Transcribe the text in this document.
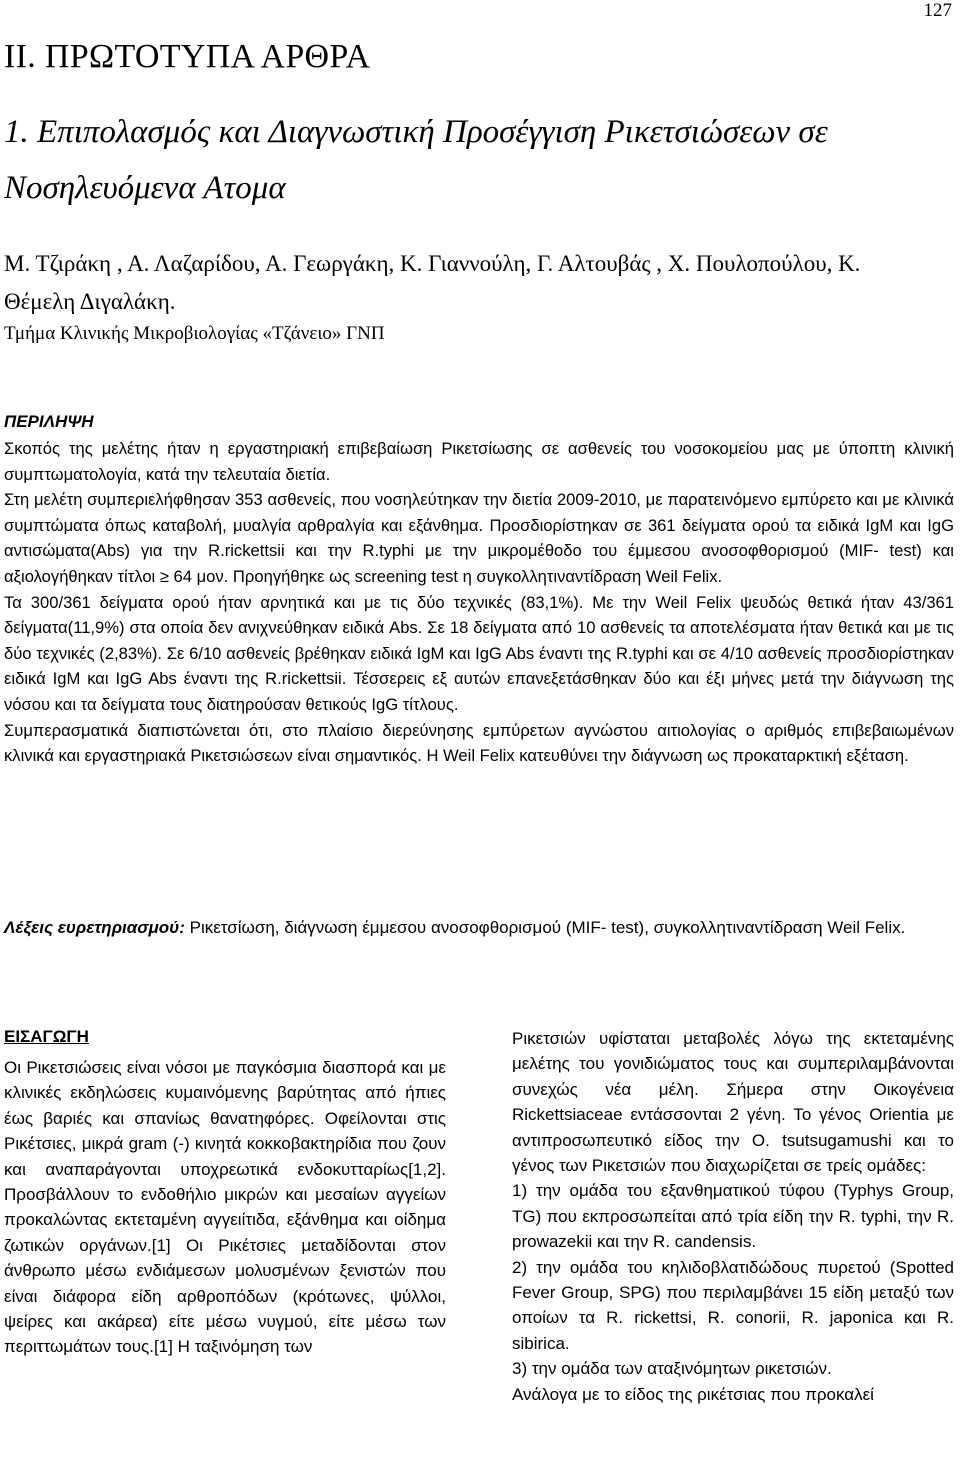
127
ΙΙ. ΠΡΩΤΟΤΥΠΑ ΑΡΘΡΑ
1. Επιπολασμός και Διαγνωστική Προσέγγιση Ρικετσιώσεων σε Νοσηλευόμενα Ατομα
Μ. Τζιράκη , Α. Λαζαρίδου, Α. Γεωργάκη, Κ. Γιαννούλη, Γ. Αλτουβάς , Χ. Πουλοπούλου, Κ. Θέμελη Διγαλάκη.
Τμήμα Κλινικής Μικροβιολογίας «Τζάνειο» ΓΝΠ
ΠΕΡΙΛΗΨΗ

Σκοπός της μελέτης ήταν η εργαστηριακή επιβεβαίωση Ρικετσίωσης σε ασθενείς του νοσοκομείου μας με ύποπτη κλινική συμπτωματολογία, κατά την τελευταία διετία.

Στη μελέτη συμπεριελήφθησαν 353 ασθενείς, που νοσηλεύτηκαν την διετία 2009-2010, με παρατεινόμενο εμπύρετο και με κλινικά συμπτώματα όπως καταβολή, μυαλγία αρθραλγία και εξάνθημα. Προσδιορίστηκαν σε 361 δείγματα ορού τα ειδικά IgM και IgG αντισώματα(Abs) για την R.rickettsii και την R.typhi με την μικρομέθοδο του έμμεσου ανοσοφθορισμού (MIF- test) και αξιολογήθηκαν τίτλοι ≥ 64 μον. Προηγήθηκε ως screening test η συγκολλητιναντίδραση Weil Felix.

Τα 300/361 δείγματα ορού ήταν αρνητικά και με τις δύο τεχνικές (83,1%). Με την Weil Felix ψευδώς θετικά ήταν 43/361 δείγματα(11,9%) στα οποία δεν ανιχνεύθηκαν ειδικά Abs. Σε 18 δείγματα από 10 ασθενείς τα αποτελέσματα ήταν θετικά και με τις δύο τεχνικές (2,83%). Σε 6/10 ασθενείς βρέθηκαν ειδικά IgM και IgG Abs έναντι της R.typhi και σε 4/10 ασθενείς προσδιορίστηκαν ειδικά IgM και IgG Abs έναντι της R.rickettsii. Τέσσερεις εξ αυτών επανεξετάσθηκαν δύο και έξι μήνες μετά την διάγνωση της νόσου και τα δείγματα τους διατηρούσαν θετικούς IgG τίτλους.

Συμπερασματικά διαπιστώνεται ότι, στο πλαίσιο διερεύνησης εμπύρετων αγνώστου αιτιολογίας ο αριθμός επιβεβαιωμένων κλινικά και εργαστηριακά Ρικετσιώσεων είναι σημαντικός. Η Weil Felix κατευθύνει την διάγνωση ως προκαταρκτική εξέταση.

Λέξεις ευρετηριασμού: Ρικετσίωση, διάγνωση έμμεσου ανοσοφθορισμού (MIF- test), συγκολλητιναντίδραση Weil Felix.
ΕΙΣΑΓΩΓΗ

Οι Ρικετσιώσεις είναι νόσοι με παγκόσμια διασπορά και με κλινικές εκδηλώσεις κυμαινόμενης βαρύτητας από ήπιες έως βαριές και σπανίως θανατηφόρες. Οφείλονται στις Ρικέτσιες, μικρά gram (-) κινητά κοκκοβακτηρίδια που ζουν και αναπαράγονται υποχρεωτικά ενδοκυτταρίως[1,2]. Προσβάλλουν το ενδοθήλιο μικρών και μεσαίων αγγείων προκαλώντας εκτεταμένη αγγειίτιδα, εξάνθημα και οίδημα ζωτικών οργάνων.[1] Οι Ρικέτσιες μεταδίδονται στον άνθρωπο μέσω ενδιάμεσων μολυσμένων ξενιστών που είναι διάφορα είδη αρθροπόδων (κρότωνες, ψύλλοι, ψείρες και ακάρεα) είτε μέσω νυγμού, είτε μέσω των περιττωμάτων τους.[1] Η ταξινόμηση των

Ρικετσιών υφίσταται μεταβολές λόγω της εκτεταμένης μελέτης του γονιδιώματος τους και συμπεριλαμβάνονται συνεχώς νέα μέλη. Σήμερα στην Οικογένεια Rickettsiaceae εντάσσονται 2 γένη. Το γένος Orientia με αντιπροσωπευτικό είδος την O. tsutsugamushi και το γένος των Ρικετσιών που διαχωρίζεται σε τρείς ομάδες:

1) την ομάδα του εξανθηματικού τύφου (Typhys Group, TG) που εκπροσωπείται από τρία είδη την R. typhi, την R. prowazekii και την R. candensis.

2) την ομάδα του κηλιδοβλατιδώδους πυρετού (Spotted Fever Group, SPG) που περιλαμβάνει 15 είδη μεταξύ των οποίων τα R. rickettsi, R. conorii, R. japonica και R. sibirica.

3) την ομάδα των αταξινόμητων ρικετσιών.

Ανάλογα με το είδος της ρικέτσιας που προκαλεί
